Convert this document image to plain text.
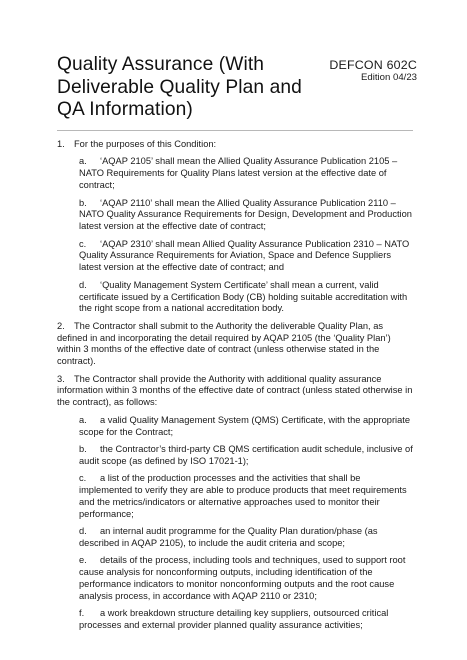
Quality Assurance (With Deliverable Quality Plan and QA Information)
DEFCON 602C
Edition 04/23
1. For the purposes of this Condition:
a. ‘AQAP 2105’ shall mean the Allied Quality Assurance Publication 2105 – NATO Requirements for Quality Plans latest version at the effective date of contract;
b. ‘AQAP 2110’ shall mean the Allied Quality Assurance Publication 2110 – NATO Quality Assurance Requirements for Design, Development and Production latest version at the effective date of contract;
c. ‘AQAP 2310’ shall mean Allied Quality Assurance Publication 2310 – NATO Quality Assurance Requirements for Aviation, Space and Defence Suppliers latest version at the effective date of contract; and
d. ‘Quality Management System Certificate’ shall mean a current, valid certificate issued by a Certification Body (CB) holding suitable accreditation with the right scope from a national accreditation body.
2. The Contractor shall submit to the Authority the deliverable Quality Plan, as defined in and incorporating the detail required by AQAP 2105 (the ‘Quality Plan’) within 3 months of the effective date of contract (unless otherwise stated in the contract).
3. The Contractor shall provide the Authority with additional quality assurance information within 3 months of the effective date of contract (unless stated otherwise in the contract), as follows:
a. a valid Quality Management System (QMS) Certificate, with the appropriate scope for the Contract;
b. the Contractor’s third-party CB QMS certification audit schedule, inclusive of audit scope (as defined by ISO 17021-1);
c. a list of the production processes and the activities that shall be implemented to verify they are able to produce products that meet requirements and the metrics/indicators or alternative approaches used to monitor their performance;
d. an internal audit programme for the Quality Plan duration/phase (as described in AQAP 2105), to include the audit criteria and scope;
e. details of the process, including tools and techniques, used to support root cause analysis for nonconforming outputs, including identification of the performance indicators to monitor nonconforming outputs and the root cause analysis process, in accordance with AQAP 2110 or 2310;
f. a work breakdown structure detailing key suppliers, outsourced critical processes and external provider planned quality assurance activities;
